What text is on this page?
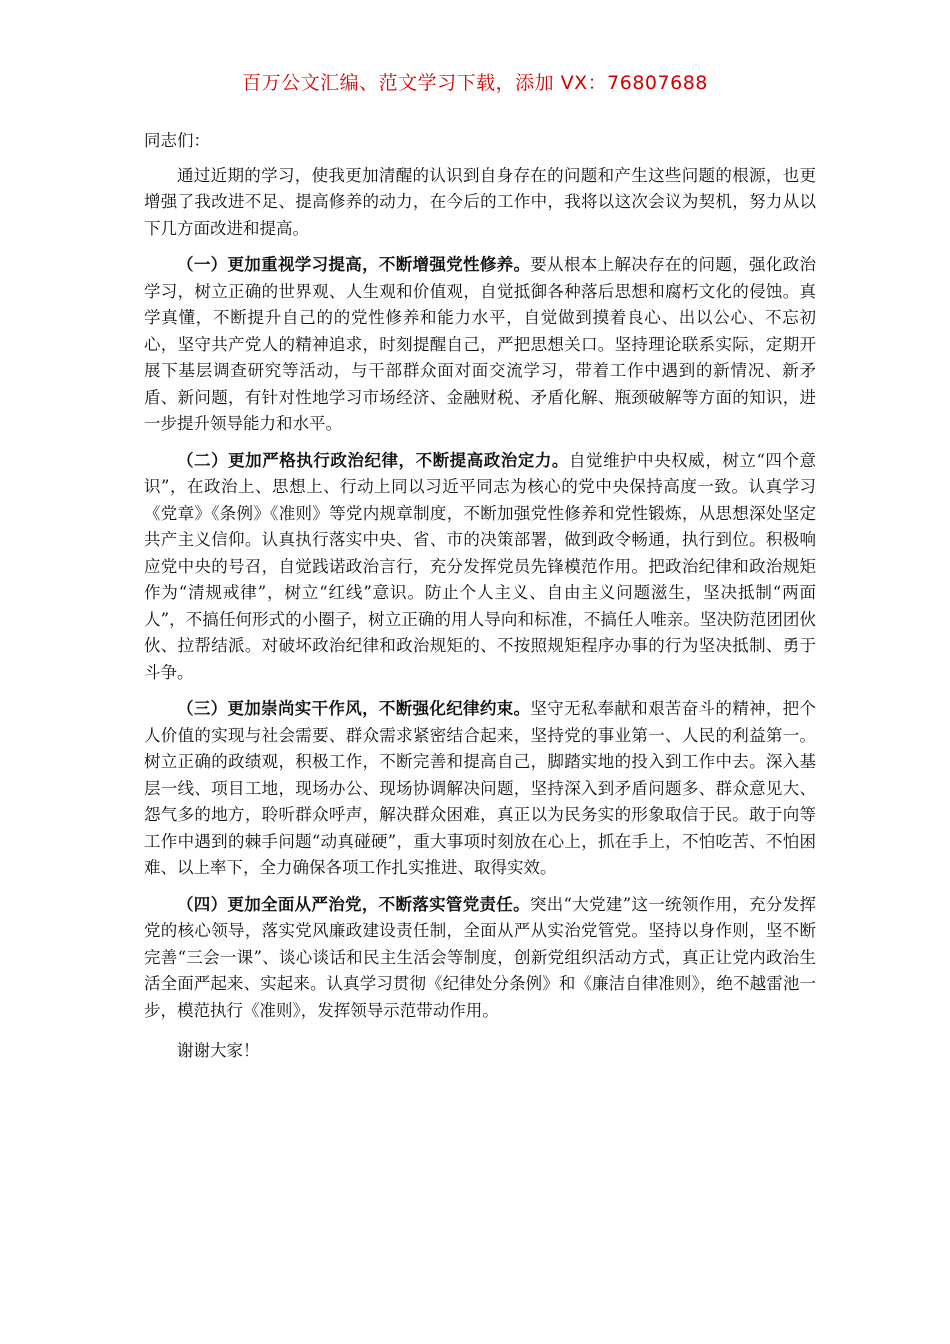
百万公文汇编、范文学习下载，添加 VX：76807688

同志们：

通过近期的学习，使我更加清醒的认识到自身存在的问题和产生这些问题的根源，也更增强了我改进不足、提高修养的动力，在今后的工作中，我将以这次会议为契机，努力从以下几方面改进和提高。

（一）更加重视学习提高，不断增强党性修养。要从根本上解决存在的问题，强化政治学习，树立正确的世界观、人生观和价值观，自觉抵御各种落后思想和腐朽文化的侵蚀。真学真懂，不断提升自己的的党性修养和能力水平，自觉做到摸着良心、出以公心、不忘初心，坚守共产党人的精神追求，时刻提醒自己，严把思想关口。坚持理论联系实际，定期开展下基层调查研究等活动，与干部群众面对面交流学习，带着工作中遇到的新情况、新矛盾、新问题，有针对性地学习市场经济、金融财税、矛盾化解、瓶颈破解等方面的知识，进一步提升领导能力和水平。

（二）更加严格执行政治纪律，不断提高政治定力。自觉维护中央权威，树立“四个意识”，在政治上、思想上、行动上同以习近平同志为核心的党中央保持高度一致。认真学习《党章》《条例》《准则》等党内规章制度，不断加强党性修养和党性锻炼，从思想深处坚定共产主义信仰。认真执行落实中央、省、市的决策部署，做到政令畅通，执行到位。积极响应党中央的号召，自觉践诺政治言行，充分发挥党员先锋模范作用。把政治纪律和政治规矩作为“清规戒律”，树立“红线”意识。防止个人主义、自由主义问题滋生，坚决抵制“两面人”，不搞任何形式的小圈子，树立正确的用人导向和标准，不搞任人唯亲。坚决防范团团伙伙、拉帮结派。对破坏政治纪律和政治规矩的、不按照规矩程序办事的行为坚决抵制、勇于斗争。

（三）更加崇尚实干作风，不断强化纪律约束。坚守无私奉献和艰苦奋斗的精神，把个人价值的实现与社会需要、群众需求紧密结合起来，坚持党的事业第一、人民的利益第一。树立正确的政绩观，积极工作，不断完善和提高自己，脚踏实地的投入到工作中去。深入基层一线、项目工地，现场办公、现场协调解决问题，坚持深入到矛盾问题多、群众意见大、怨气多的地方，聆听群众呼声，解决群众困难，真正以为民务实的形象取信于民。敢于向等工作中遇到的棘手问题“动真碰硬”，重大事项时刻放在心上，抓在手上，不怕吃苦、不怕困难、以上率下，全力确保各项工作扎实推进、取得实效。

（四）更加全面从严治党，不断落实管党责任。突出“大党建”这一统领作用，充分发挥党的核心领导，落实党风廉政建设责任制，全面从严从实治党管党。坚持以身作则，坚不断完善“三会一课”、谈心谈话和民主生活会等制度，创新党组织活动方式，真正让党内政治生活全面严起来、实起来。认真学习贯彻《纪律处分条例》和《廉洁自律准则》，绝不越雷池一步，模范执行《准则》，发挥领导示范带动作用。

谢谢大家！
